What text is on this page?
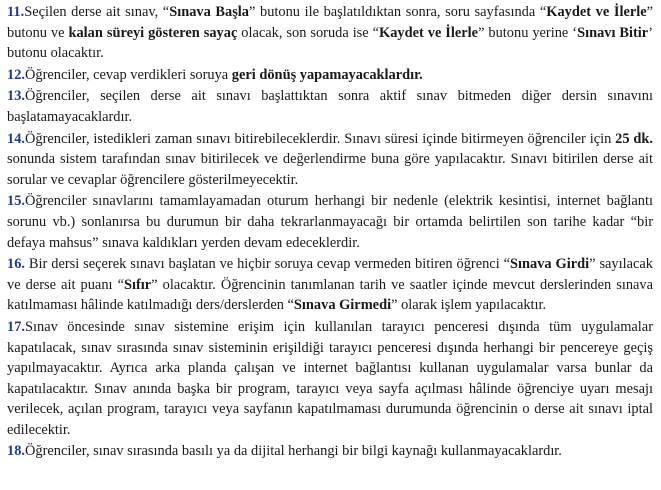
11.Seçilen derse ait sınav, “Sınava Başla” butonu ile başlatıldıktan sonra, soru sayfasında “Kaydet ve İlerle” butonu ve kalan süreyi gösteren sayaç olacak, son soruda ise “Kaydet ve İlerle” butonu yerine ‘Sınavı Bitir’ butonu olacaktır.
12.Öğrenciler, cevap verdikleri soruya geri dönüş yapamayacaklardır.
13.Öğrenciler, seçilen derse ait sınavı başlattıktan sonra aktif sınav bitmeden diğer dersin sınavını başlatamayacaklardır.
14.Öğrenciler, istedikleri zaman sınavı bitirebileceklerdir. Sınavı süresi içinde bitirmeyen öğrenciler için 25 dk. sonunda sistem tarafından sınav bitirilecek ve değerlendirme buna göre yapılacaktır. Sınavı bitirilen derse ait sorular ve cevaplar öğrencilere gösterilmeyecektir.
15.Öğrenciler sınavlarını tamamlayamadan oturum herhangi bir nedenle (elektrik kesintisi, internet bağlantı sorunu vb.) sonlanırsa bu durumun bir daha tekrarlanmayacağı bir ortamda belirtilen son tarihe kadar “bir defaya mahsus” sınava kaldıkları yerden devam edeceklerdir.
16. Bir dersi seçerek sınavı başlatan ve hiçbir soruya cevap vermeden bitiren öğrenci “Sınava Girdi” sayılacak ve derse ait puanı “Sıfır” olacaktır. Öğrencinin tanımlanan tarih ve saatler içinde mevcut derslerinden sınava katılmaması hâlinde katılmadığı ders/derslerden “Sınava Girmedi” olarak işlem yapılacaktır.
17.Sınav öncesinde sınav sistemine erişim için kullanılan tarayıcı penceresi dışında tüm uygulamalar kapatılacak, sınav sırasında sınav sisteminin erişildiği tarayıcı penceresi dışında herhangi bir pencereye geçiş yapılmayacaktır. Ayrıca arka planda çalışan ve internet bağlantısı kullanan uygulamalar varsa bunlar da kapatılacaktır. Sınav anında başka bir program, tarayıcı veya sayfa açılması hâlinde öğrenciye uyarı mesajı verilecek, açılan program, tarayıcı veya sayfanın kapatılmaması durumunda öğrencinin o derse ait sınavı iptal edilecektir.
18.Öğrenciler, sınav sırasında basılı ya da dijital herhangi bir bilgi kaynağı kullanmayacaklardır.
